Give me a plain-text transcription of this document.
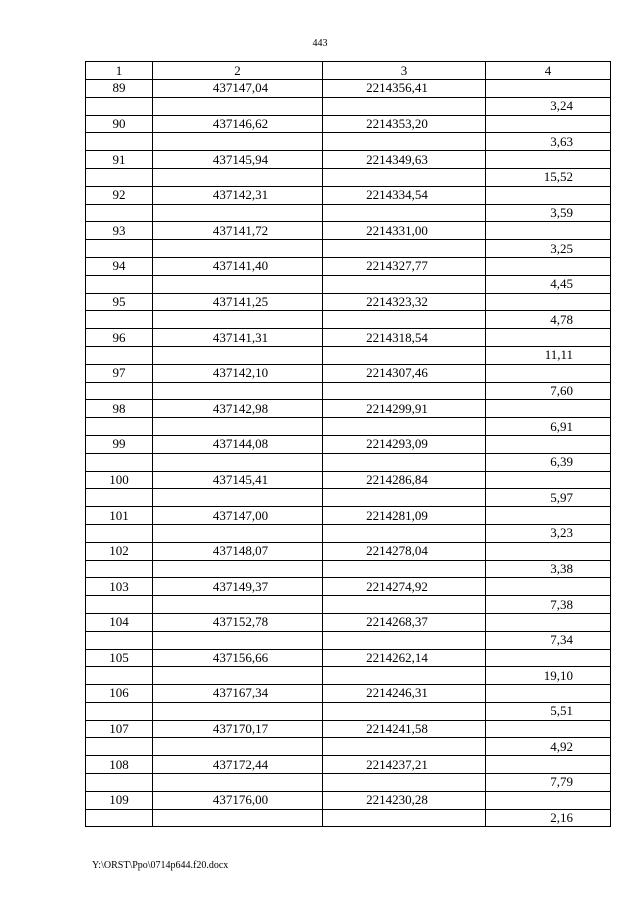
443
1	2	3	4
89	437147,04	2214356,41	
			3,24
90	437146,62	2214353,20	
			3,63
91	437145,94	2214349,63	
			15,52
92	437142,31	2214334,54	
			3,59
93	437141,72	2214331,00	
			3,25
94	437141,40	2214327,77	
			4,45
95	437141,25	2214323,32	
			4,78
96	437141,31	2214318,54	
			11,11
97	437142,10	2214307,46	
			7,60
98	437142,98	2214299,91	
			6,91
99	437144,08	2214293,09	
			6,39
100	437145,41	2214286,84	
			5,97
101	437147,00	2214281,09	
			3,23
102	437148,07	2214278,04	
			3,38
103	437149,37	2214274,92	
			7,38
104	437152,78	2214268,37	
			7,34
105	437156,66	2214262,14	
			19,10
106	437167,34	2214246,31	
			5,51
107	437170,17	2214241,58	
			4,92
108	437172,44	2214237,21	
			7,79
109	437176,00	2214230,28	
			2,16
Y:\ORST\Ppo\0714p644.f20.docx
